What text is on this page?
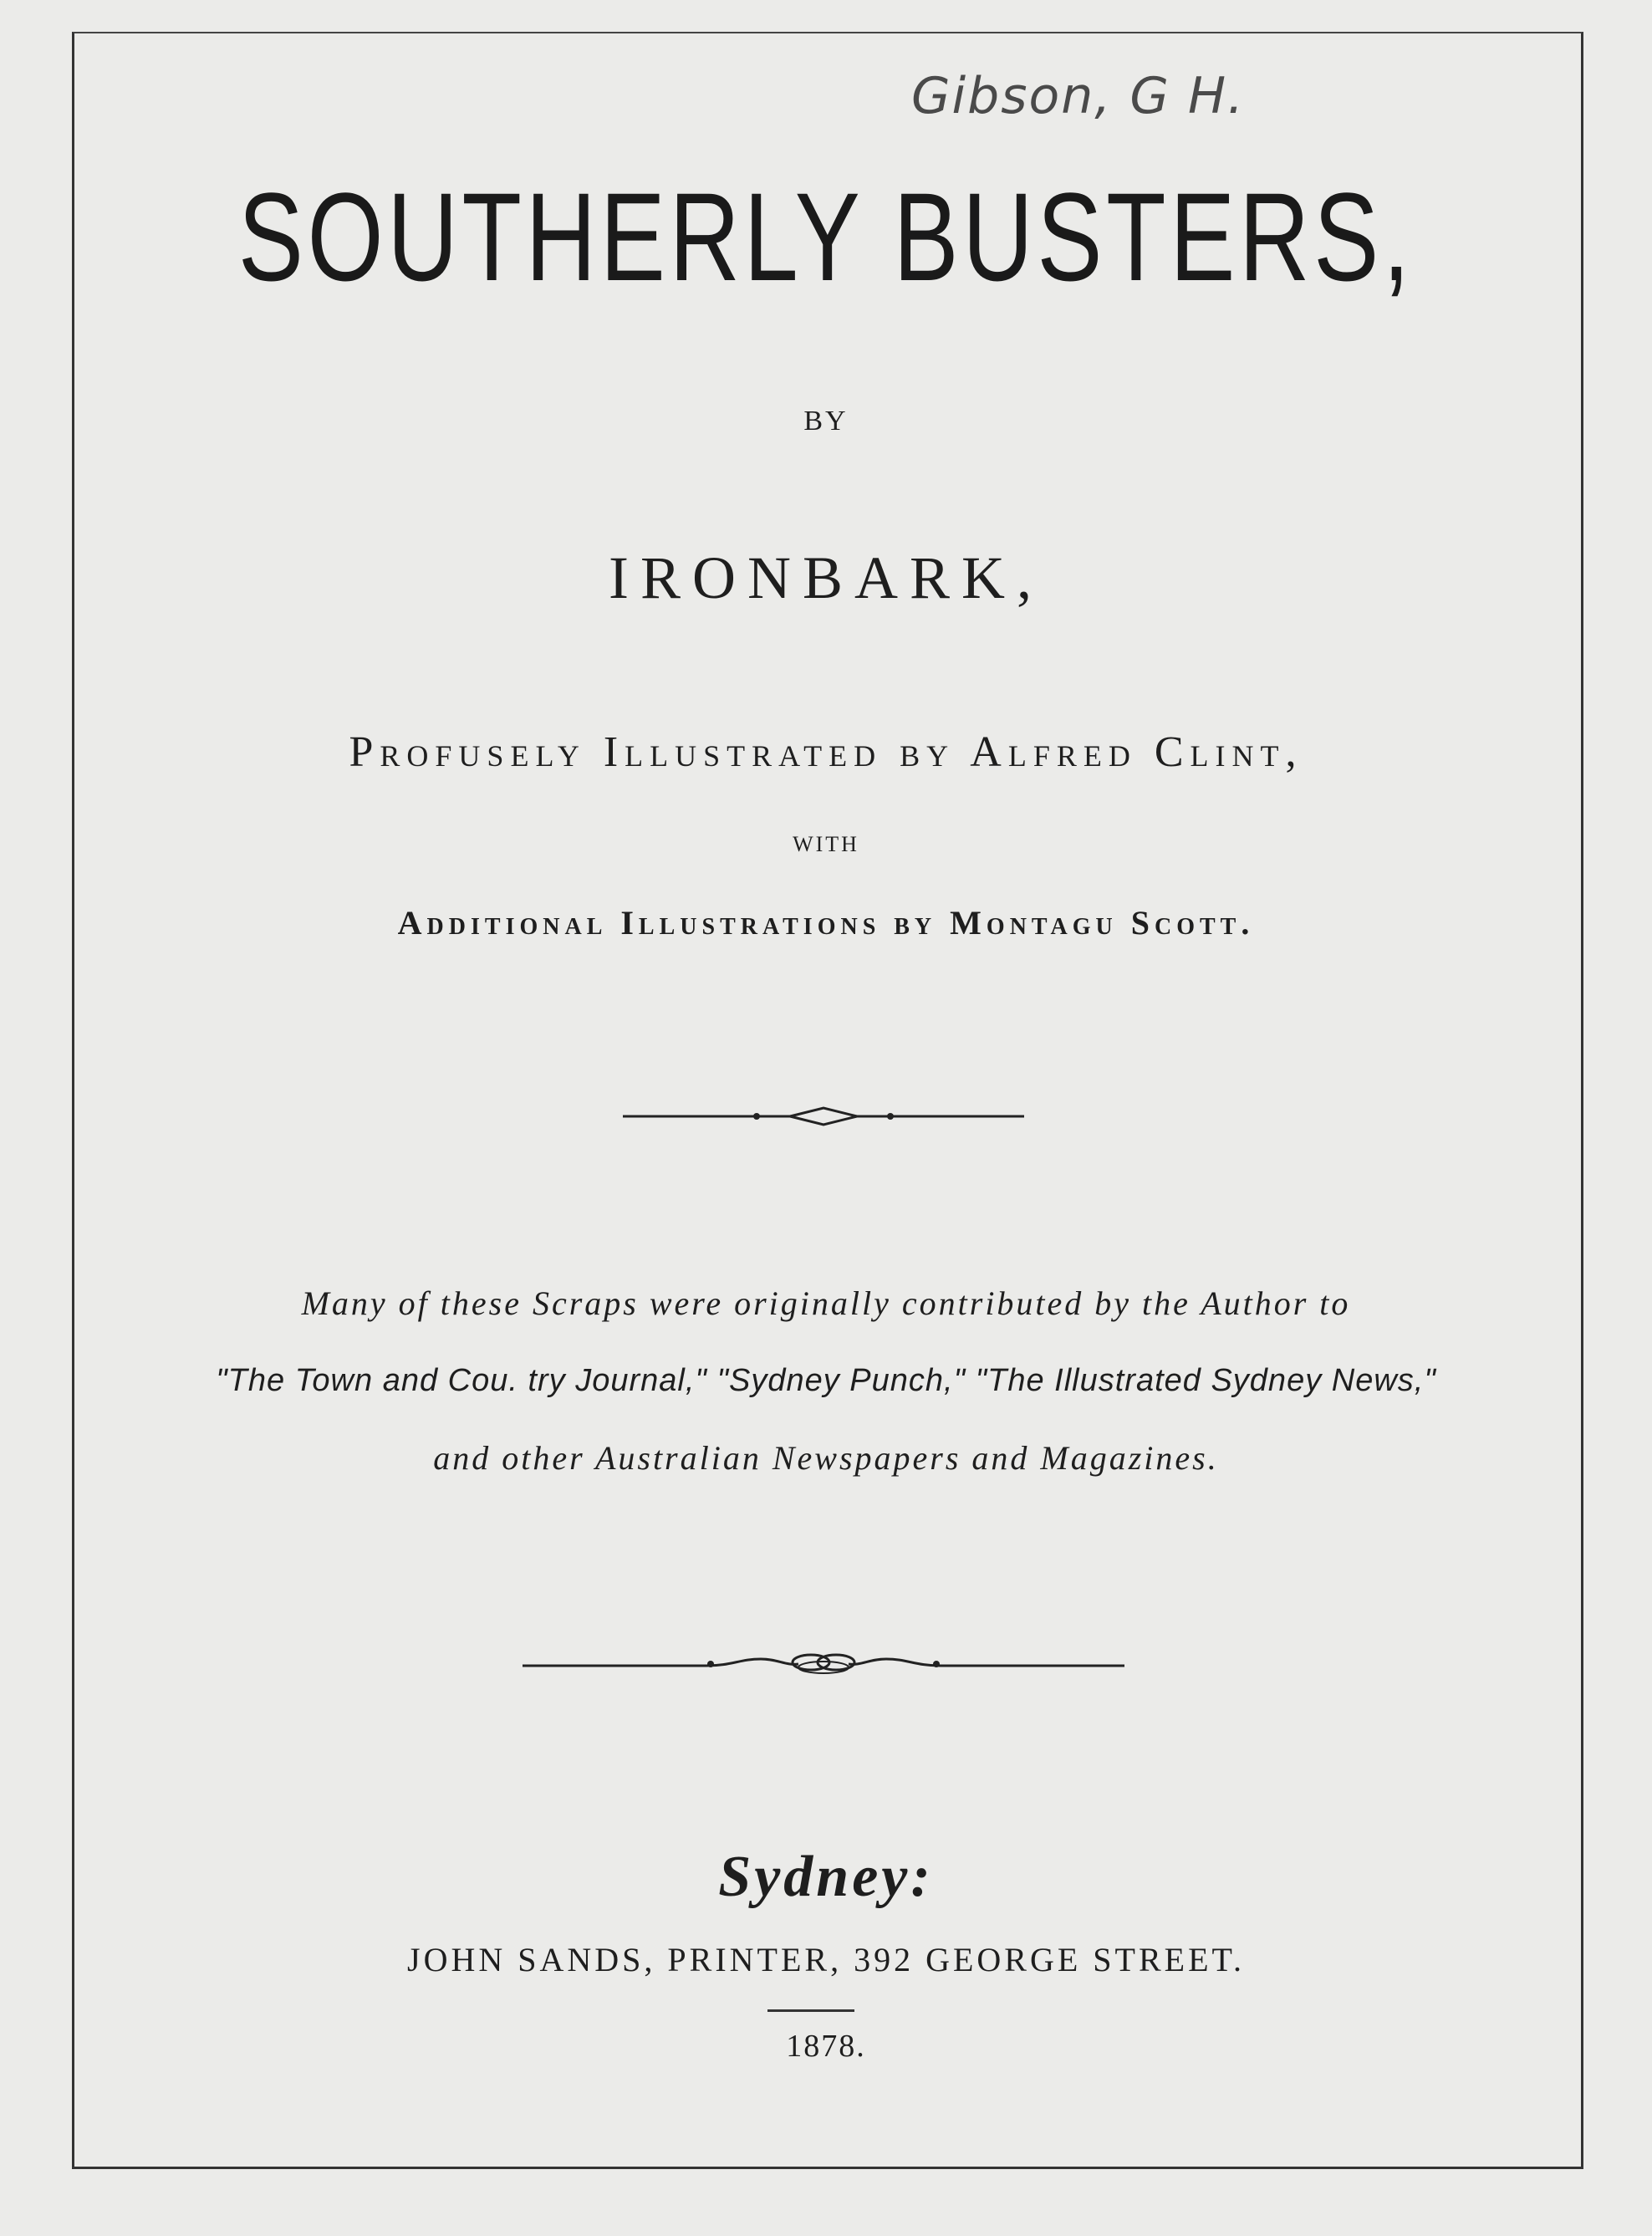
Gibson, G H.
SOUTHERLY BUSTERS,
BY
IRONBARK,
Profusely Illustrated by Alfred Clint,
WITH
Additional Illustrations by Montagu Scott.
Many of these Scraps were originally contributed by the Author to
"The Town and Cou. try Journal," "Sydney Punch," "The Illustrated Sydney News,"
and other Australian Newspapers and Magazines.
Sydney:
JOHN SANDS, PRINTER, 392 GEORGE STREET.
1878.
